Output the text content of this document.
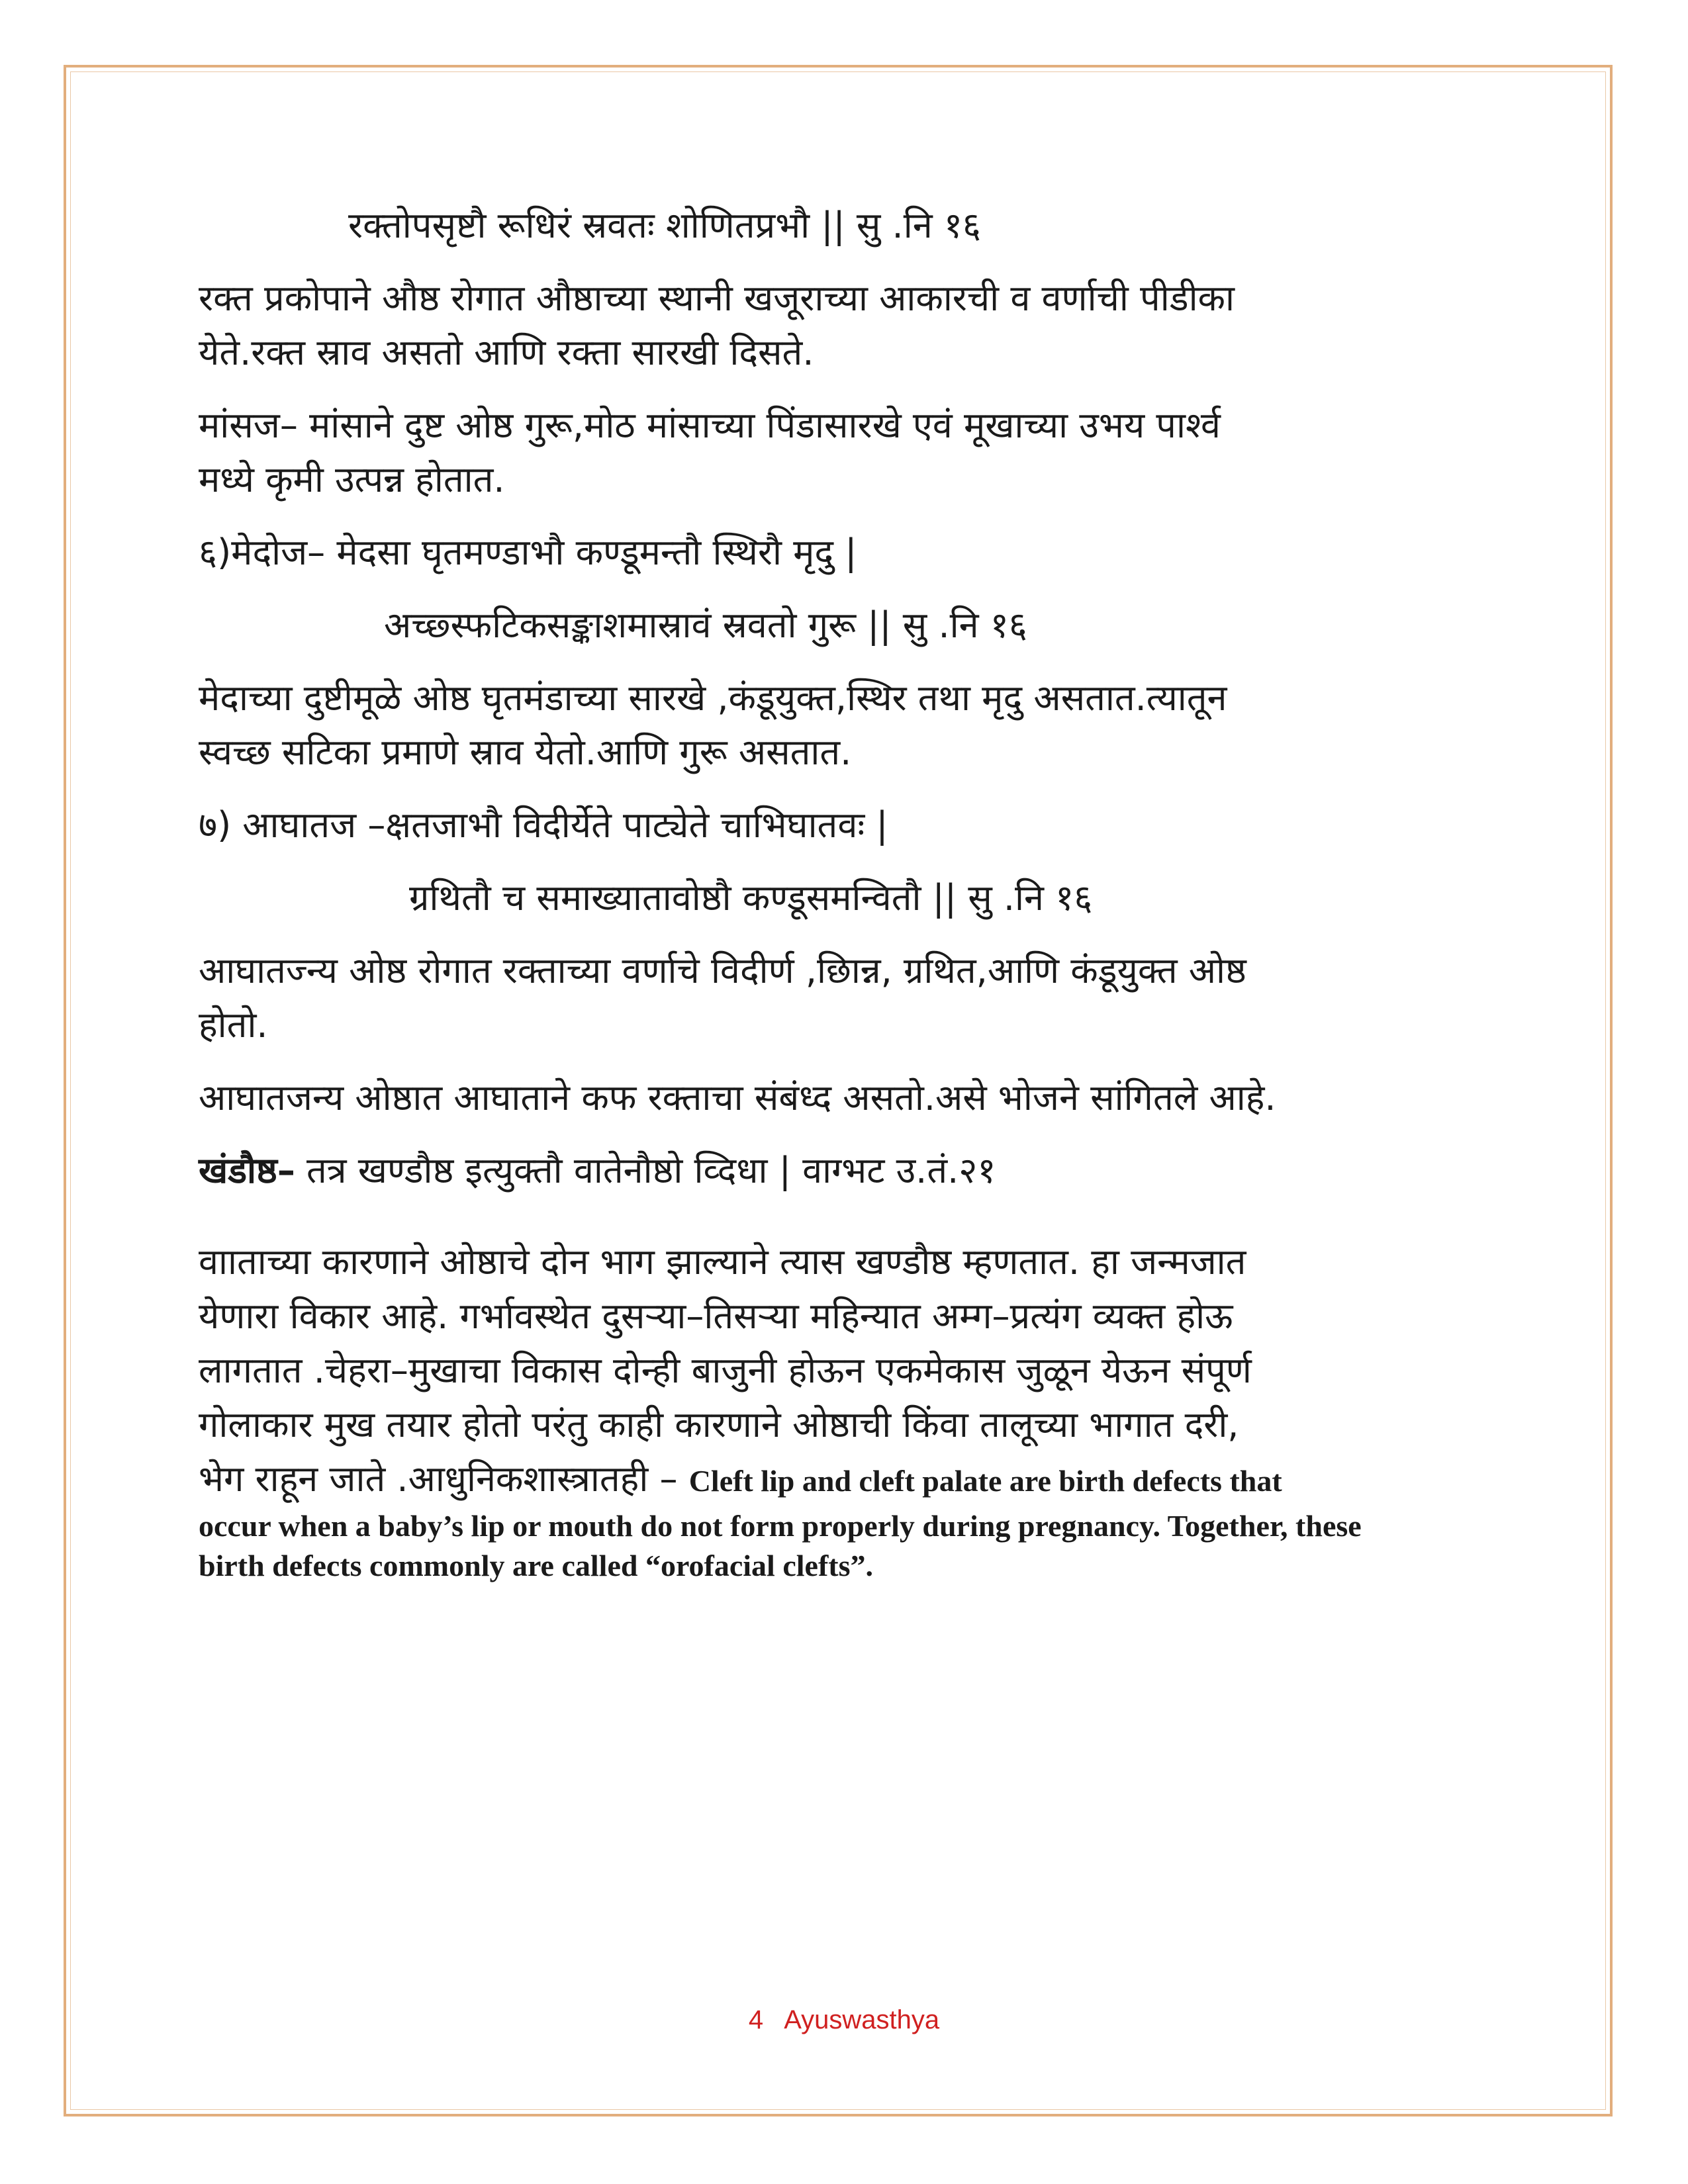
रक्तोपसृष्टौ रूधिरं स्रवतः शोणितप्रभौ || सु .नि १६

रक्त प्रकोपाने औष्ठ रोगात औष्ठाच्या स्थानी खजूराच्या आकारची व वर्णाची पीडीका

येते.रक्त स्राव असतो आणि रक्ता सारखी दिसते.

मांसज– मांसाने दुष्ट ओष्ठ गुरू,मोठ मांसाच्या पिंडासारखे एवं मूखाच्या उभय पार्श्व

मध्ये कृमी उत्पन्न होतात.

६)मेदोज– मेदसा घृतमण्डाभौ कण्डूमन्तौ स्थिरौ मृदु |

अच्छ्स्फटिकसङ्काशमास्रावं स्रवतो गुरू || सु .नि १६

मेदाच्या दुष्टीमूळे ओष्ठ घृतमंडाच्या सारखे ,कंडूयुक्त,स्थिर तथा मृदु असतात.त्यातून

स्वच्छ सटिका प्रमाणे स्राव येतो.आणि गुरू असतात.

७) आघातज –क्षतजाभौ विदीर्येते पाट्येते चाभिघातवः |

ग्रथितौ च समाख्यातावोष्ठौ कण्डूसमन्वितौ || सु .नि १६

आघातज्न्य ओष्ठ रोगात रक्ताच्या वर्णाचे विदीर्ण ,छिान्न, ग्रथित,आणि कंडूयुक्त ओष्ठ

होतो.

आघातजन्य ओष्ठात आघाताने कफ रक्ताचा संबंध्द असतो.असे भोजने सांगितले आहे.

खंडौष्ठ– तत्र खण्डौष्ठ इत्युक्तौ वातेनौष्ठो व्दिधा | वाग्भट उ.तं.२१

वााताच्या कारणाने ओष्ठाचे दोन भाग झाल्याने त्यास खण्डौष्ठ म्हणतात. हा जन्मजात

येणारा विकार आहे. गर्भावस्थेत दुसऱ्या–तिसऱ्या महिन्यात अम्ग–प्रत्यंग व्यक्त होऊ

लागतात .चेहरा–मुखाचा विकास दोन्ही बाजुनी होऊन एकमेकास जुळून येऊन संपूर्ण

गोलाकार मुख तयार होतो परंतु काही कारणाने ओष्ठाची किंवा तालूच्या भागात दरी,

भेग राहून जाते .आधुनिकशास्त्रातही – Cleft lip and cleft palate are birth defects that

occur when a baby’s lip or mouth do not form properly during pregnancy. Together, these
birth defects commonly are called “orofacial clefts”.
4 Ayuswasthya
